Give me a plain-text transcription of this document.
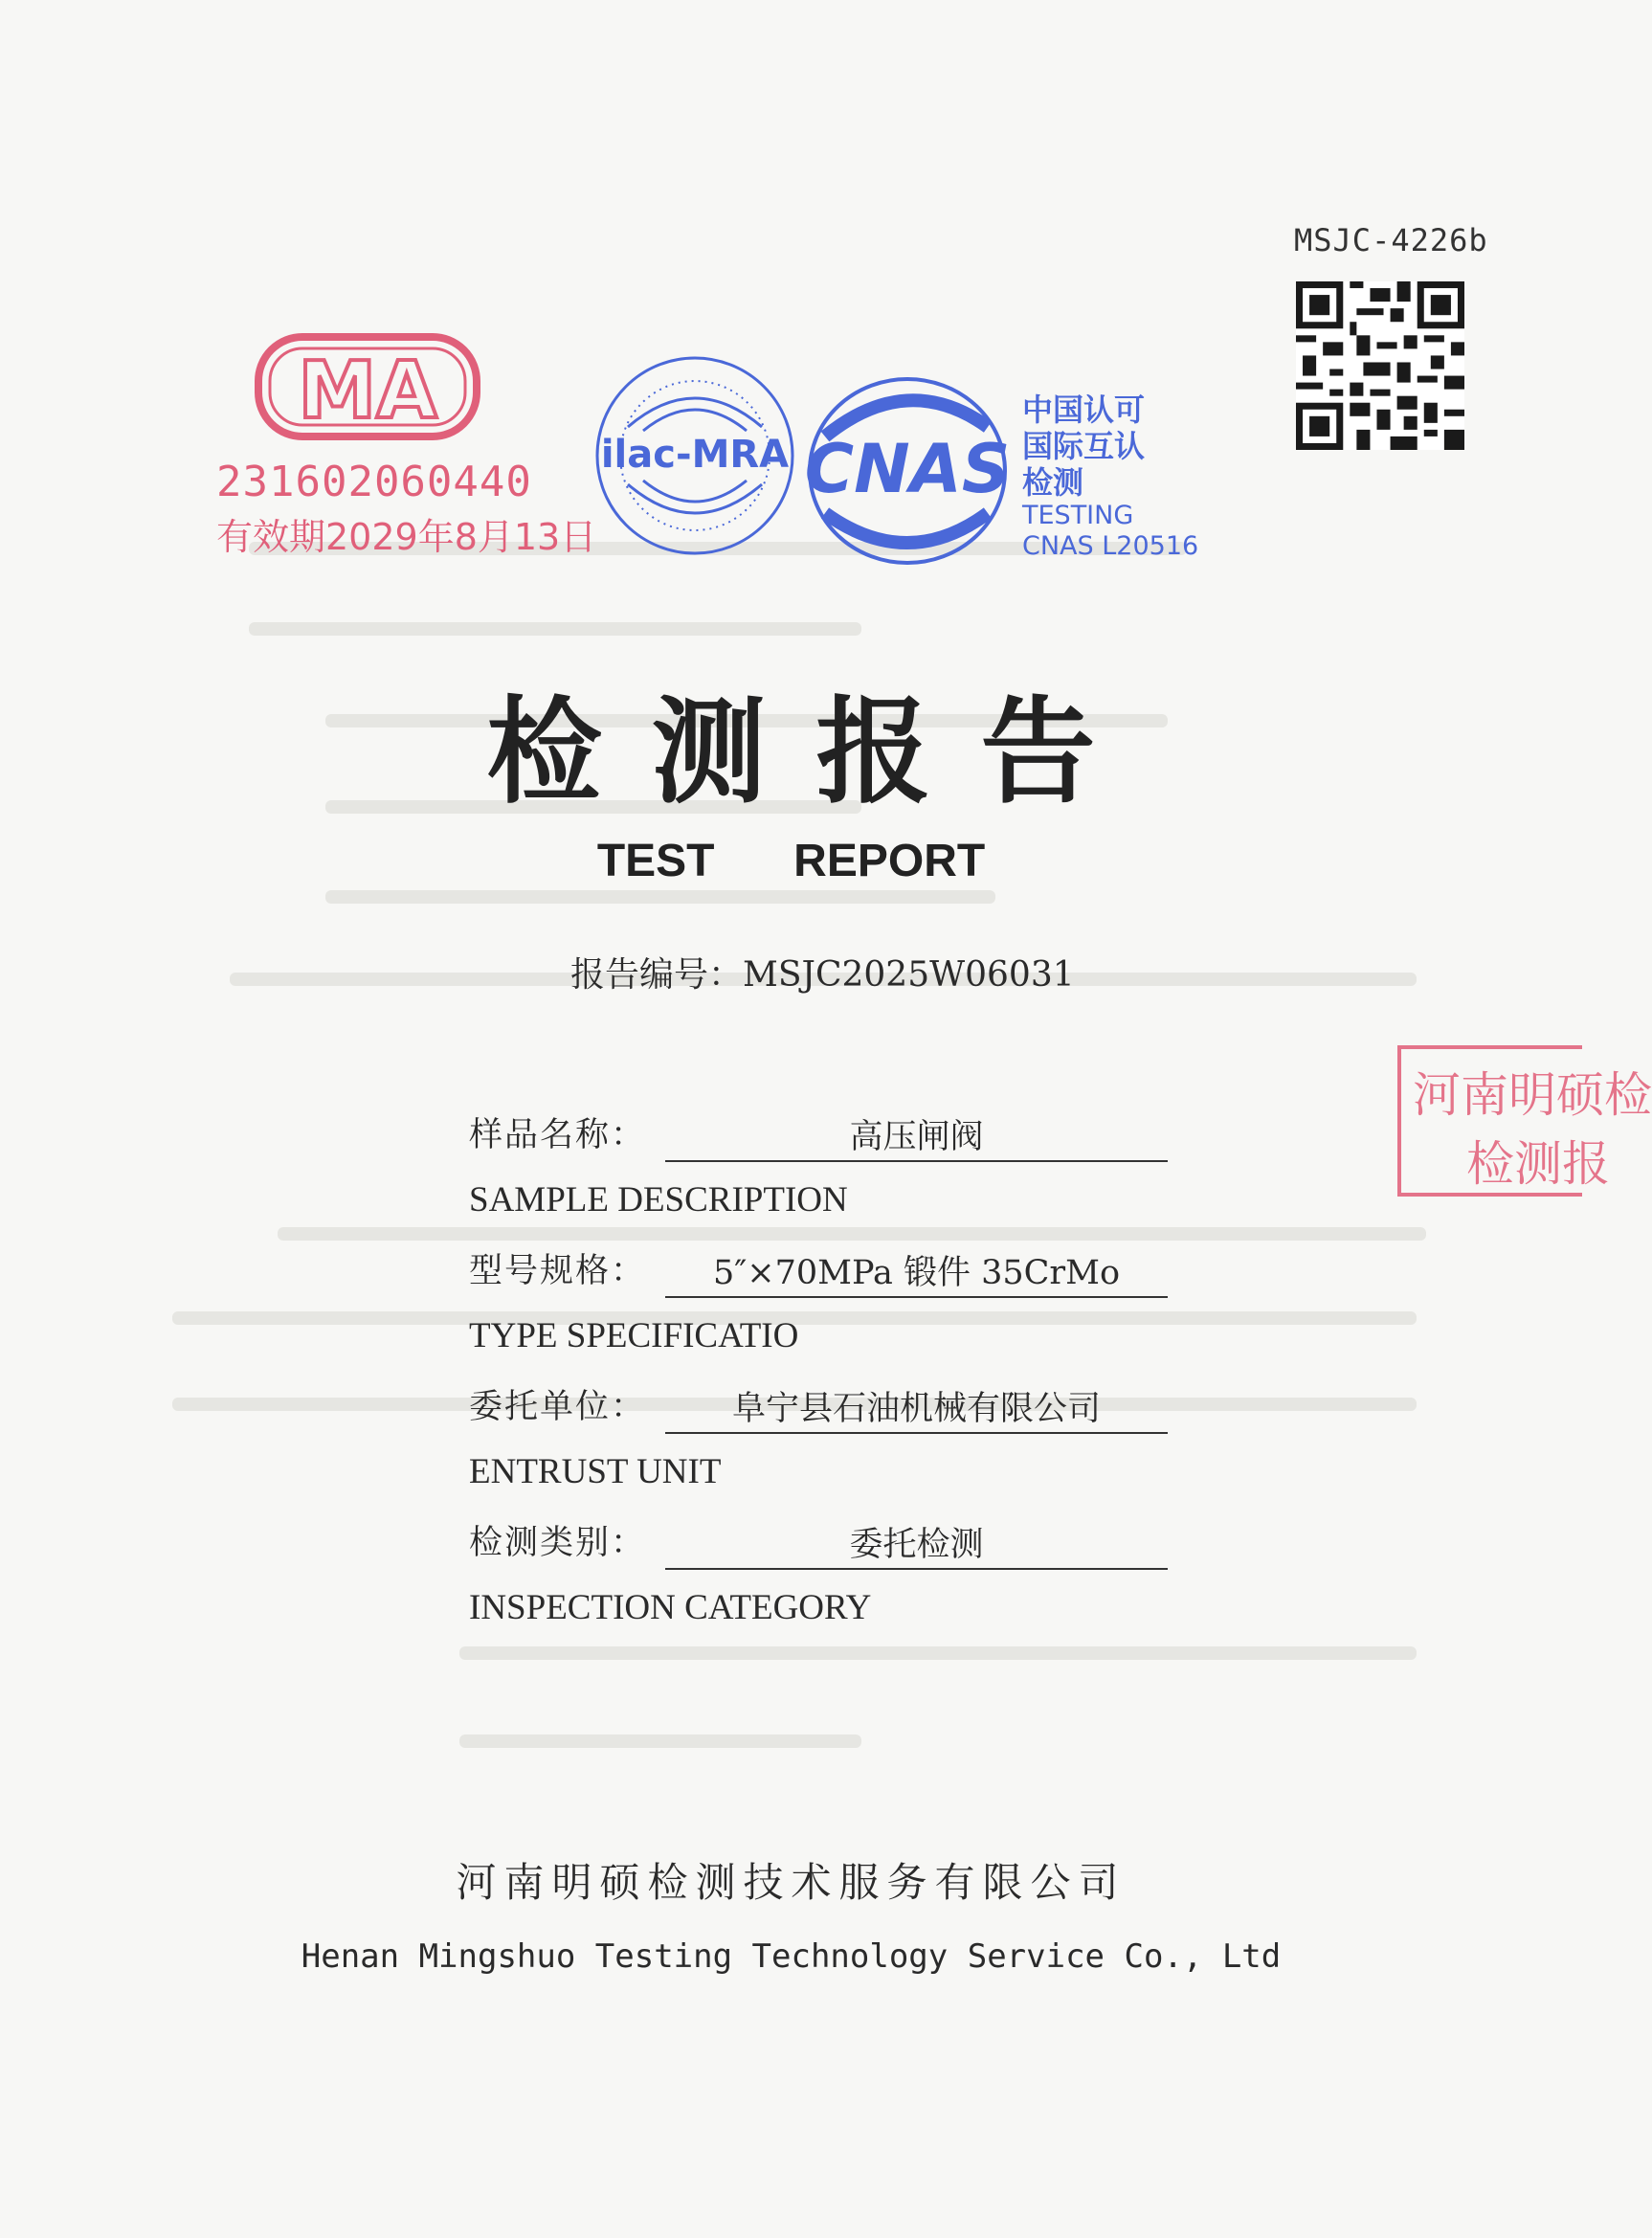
MSJC-4226b
MA
231602060440
有效期2029年8月13日
ilac-MRA CNAS
中国认可
国际互认
检测
TESTING
CNAS L20516
检测报告
TEST  REPORT
报告编号：MSJC2025W06031
样品名称：	高压闸阀
SAMPLE DESCRIPTION
型号规格：	5″×70MPa 锻件 35CrMo
TYPE SPECIFICATIO
委托单位：	阜宁县石油机械有限公司
ENTRUST UNIT
检测类别：	委托检测
INSPECTION CATEGORY
河南明硕检
检测报
河南明硕检测技术服务有限公司
Henan Mingshuo Testing Technology Service Co., Ltd
